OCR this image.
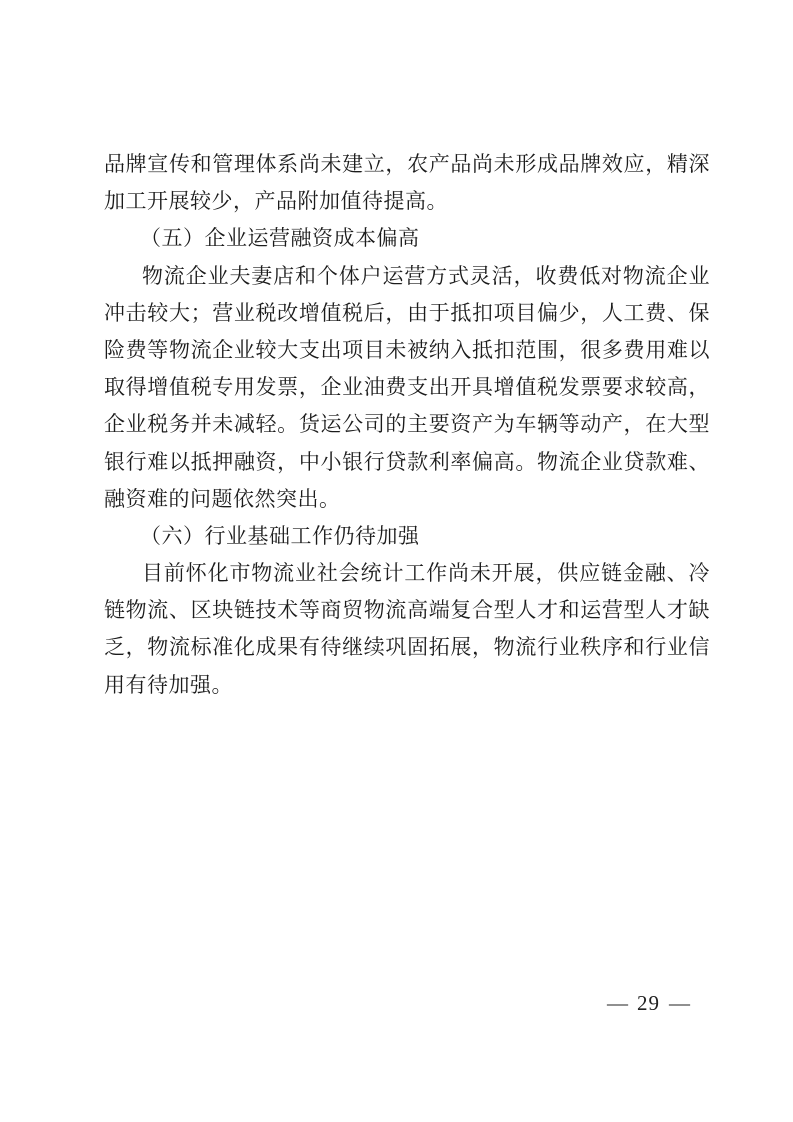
品牌宣传和管理体系尚未建立，农产品尚未形成品牌效应，精深
加工开展较少，产品附加值待提高。
（五）企业运营融资成本偏高
物流企业夫妻店和个体户运营方式灵活，收费低对物流企业
冲击较大；营业税改增值税后，由于抵扣项目偏少，人工费、保
险费等物流企业较大支出项目未被纳入抵扣范围，很多费用难以
取得增值税专用发票，企业油费支出开具增值税发票要求较高，
企业税务并未减轻。货运公司的主要资产为车辆等动产，在大型
银行难以抵押融资，中小银行贷款利率偏高。物流企业贷款难、
融资难的问题依然突出。
（六）行业基础工作仍待加强
目前怀化市物流业社会统计工作尚未开展，供应链金融、冷
链物流、区块链技术等商贸物流高端复合型人才和运营型人才缺
乏，物流标准化成果有待继续巩固拓展，物流行业秩序和行业信
用有待加强。
— 29 —
